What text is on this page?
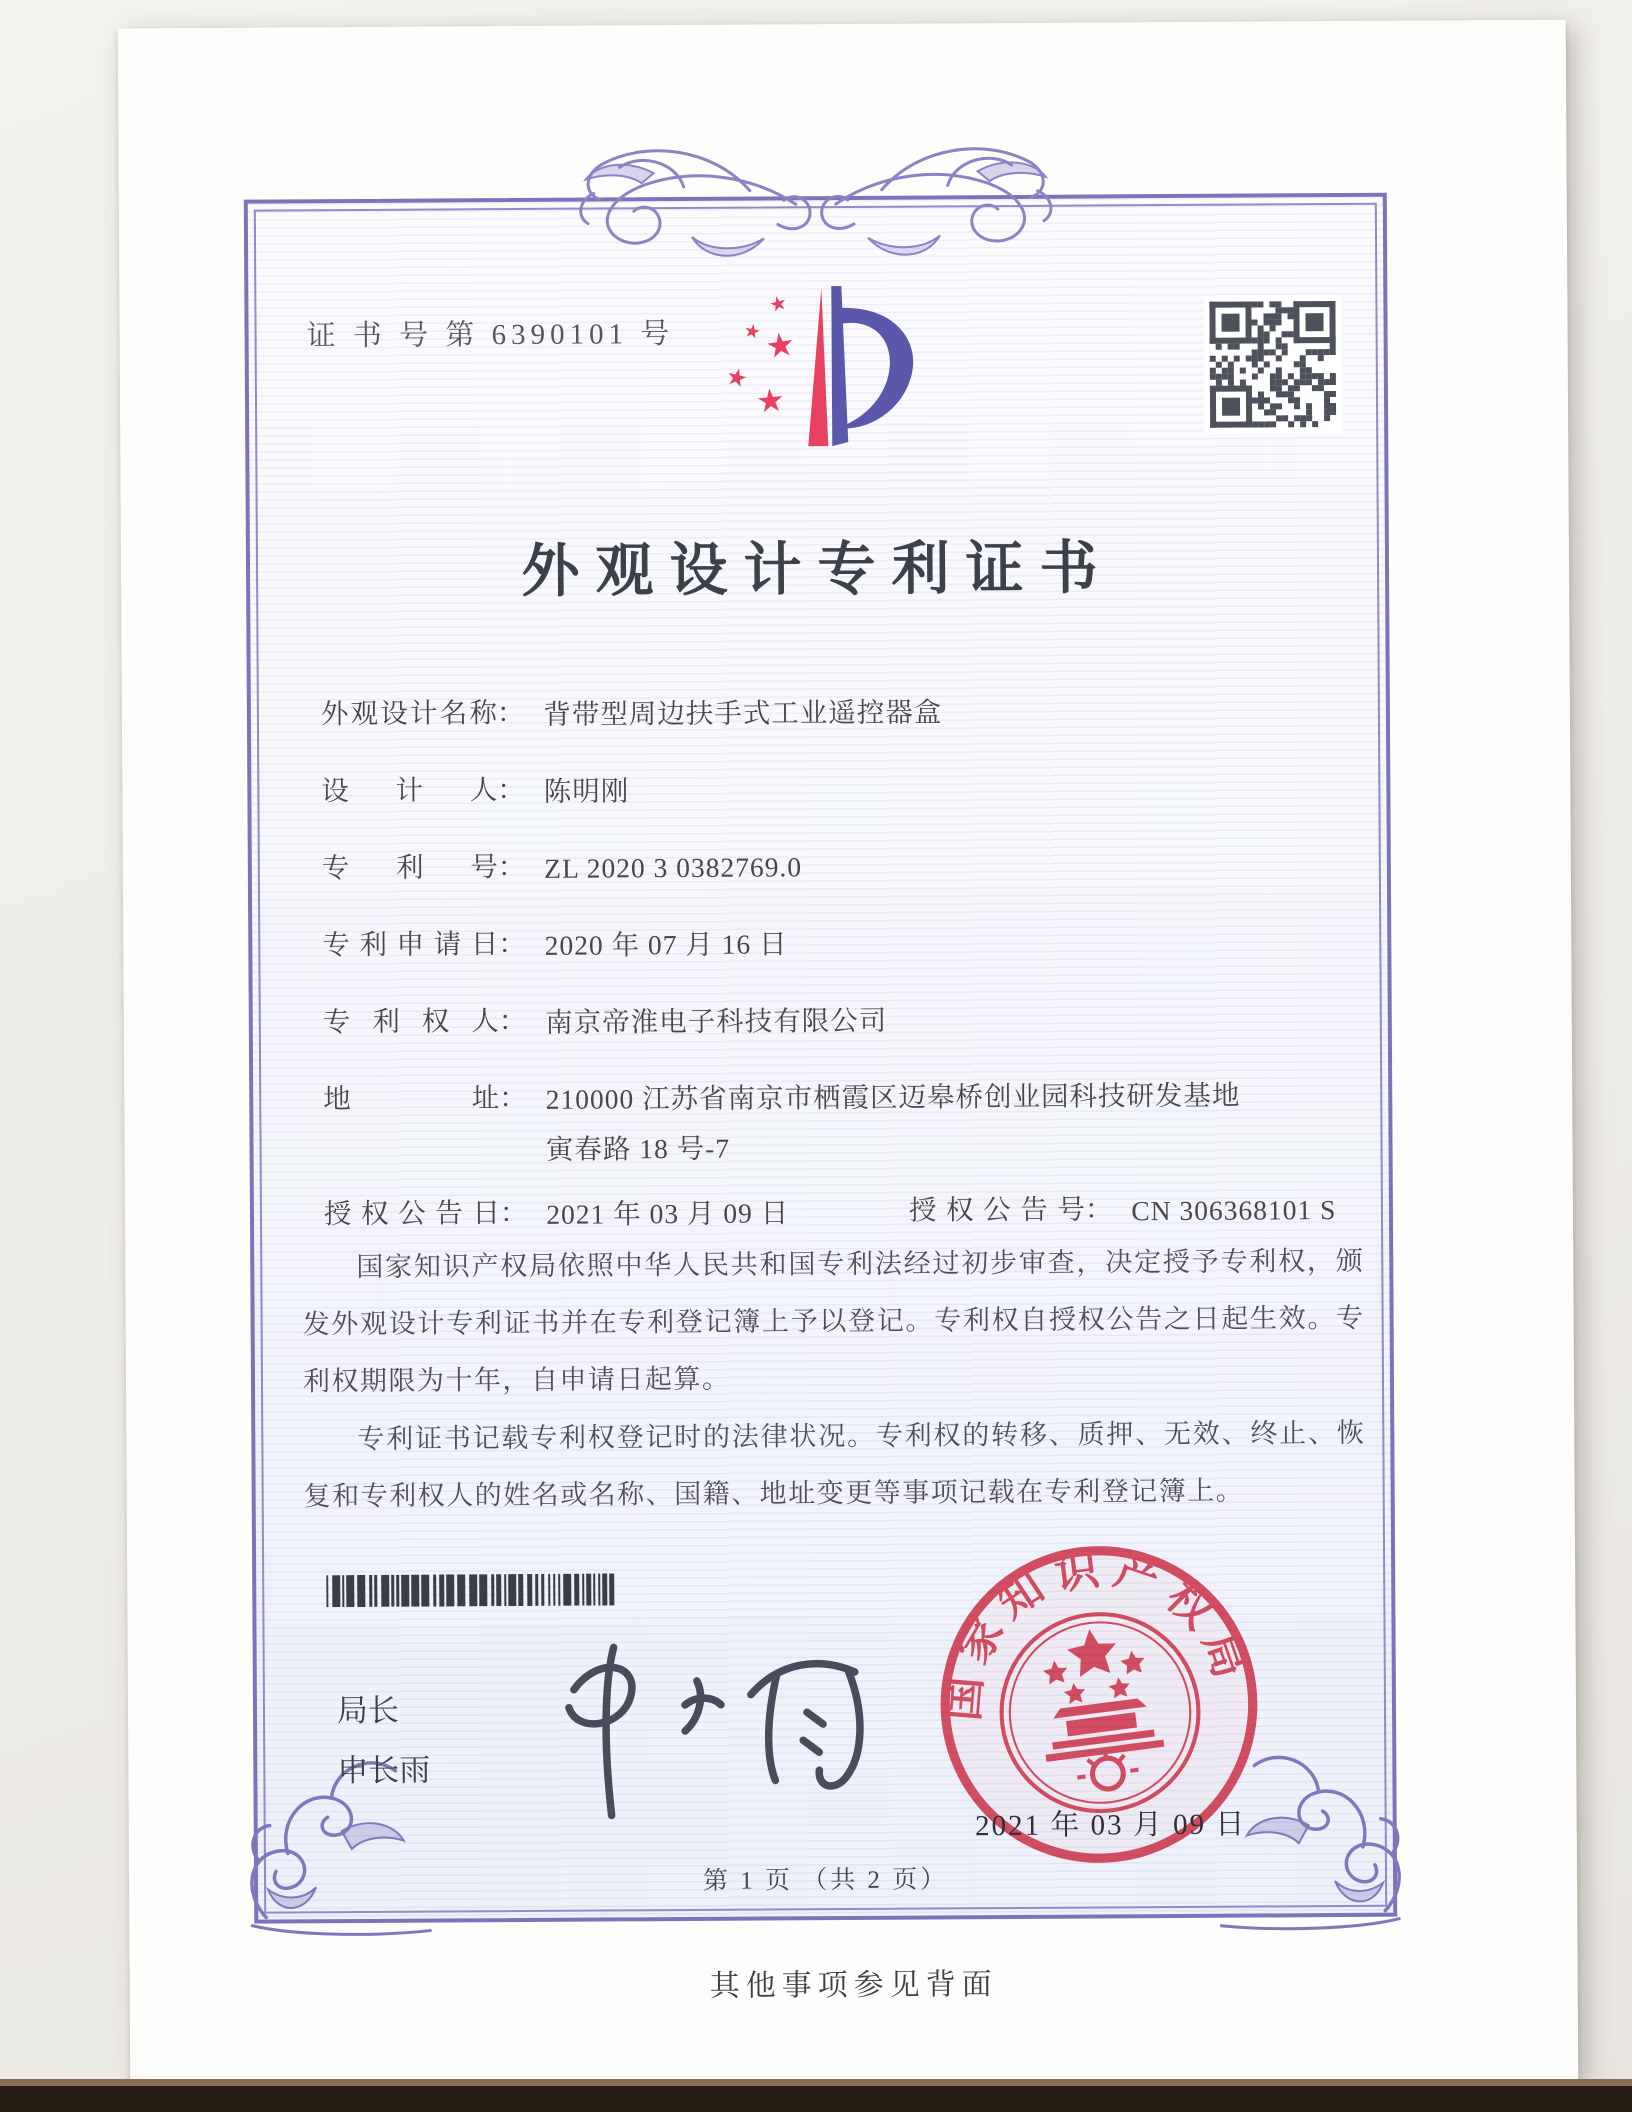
证 书 号 第 6390101 号
★
★ ★
★
★
外观设计专利证书
外观设计名称： 背带型周边扶手式工业遥控器盒
设计人： 陈明刚
专利号： ZL 2020 3 0382769.0
专利申请日： 2020 年 07 月 16 日
专利权人： 南京帝淮电子科技有限公司
地址： 210000 江苏省南京市栖霞区迈皋桥创业园科技研发基地
寅春路 18 号-7
授权公告日： 2021 年 03 月 09 日	授权公告号： CN 306368101 S

国家知识产权局依照中华人民共和国专利法经过初步审查，决定授予专利权，颁发外观设计专利证书并在专利登记簿上予以登记。专利权自授权公告之日起生效。专利权期限为十年，自申请日起算。

专利证书记载专利权登记时的法律状况。专利权的转移、质押、无效、终止、恢复和专利权人的姓名或名称、国籍、地址变更等事项记载在专利登记簿上。

局长
申长雨
国家知识产权局
2021 年 03 月 09 日
第 1 页 （共 2 页）
其他事项参见背面
